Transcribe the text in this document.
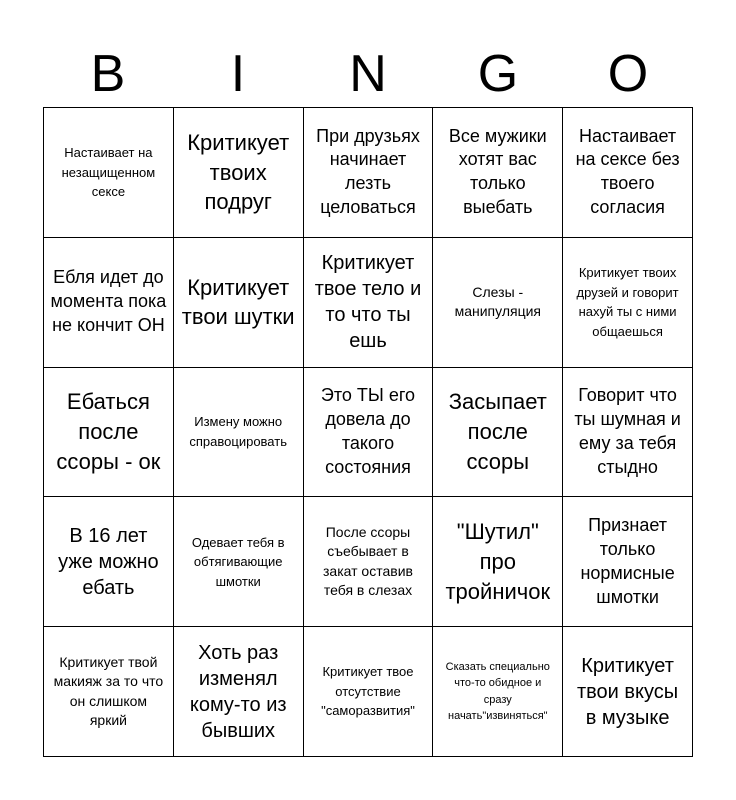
B	I	N	G	O
Настаивает на незащищенном сексе
Критикует твоих подруг
При друзьях начинает лезть целоваться
Все мужики хотят вас только выебать
Настаивает на сексе без твоего согласия
Ебля идет до момента пока не кончит ОН
Критикует твои шутки
Критикует твое тело и то что ты ешь
Слезы - манипуляция
Критикует твоих друзей и говорит нахуй ты с ними общаешься
Ебаться после ссоры - ок
Измену можно справоцировать
Это ТЫ его довела до такого состояния
Засыпает после ссоры
Говорит что ты шумная и ему за тебя стыдно
В 16 лет уже можно ебать
Одевает тебя в обтягивающие шмотки
После ссоры съебывает в закат оставив тебя в слезах
"Шутил" про тройничок
Признает только нормисные шмотки
Критикует твой макияж за то что он слишком яркий
Хоть раз изменял кому-то из бывших
Критикует твое отсутствие "саморазвития"
Сказать специально что-то обидное и сразу начать"извиняться"
Критикует твои вкусы в музыке
